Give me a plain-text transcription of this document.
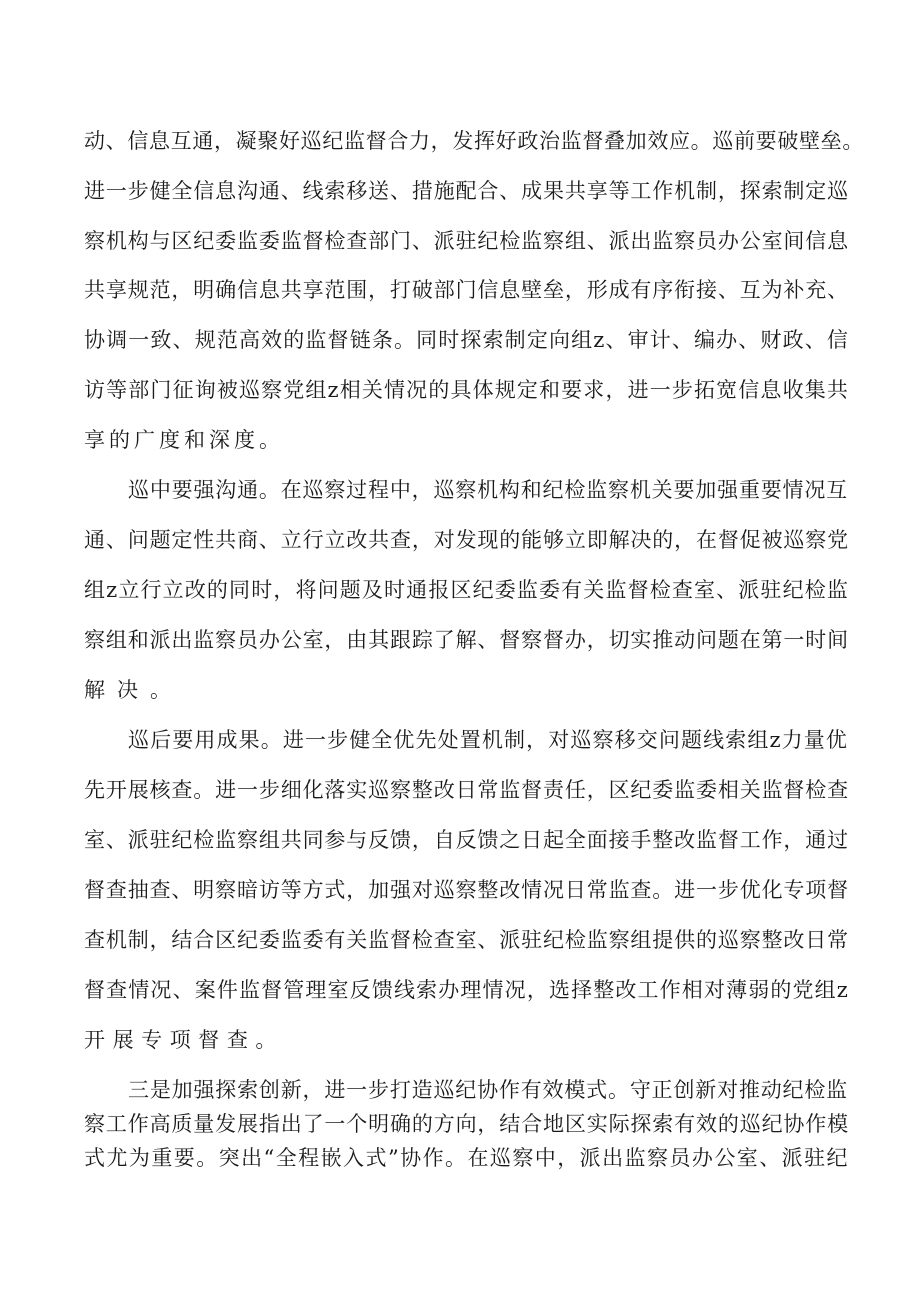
动、信息互通，凝聚好巡纪监督合力，发挥好政治监督叠加效应。巡前要破壁垒。
进一步健全信息沟通、线索移送、措施配合、成果共享等工作机制，探索制定巡
察机构与区纪委监委监督检查部门、派驻纪检监察组、派出监察员办公室间信息
共享规范，明确信息共享范围，打破部门信息壁垒，形成有序衔接、互为补充、
协调一致、规范高效的监督链条。同时探索制定向组z、审计、编办、财政、信
访等部门征询被巡察党组z相关情况的具体规定和要求，进一步拓宽信息收集共
享的广度和深度。
巡中要强沟通。在巡察过程中，巡察机构和纪检监察机关要加强重要情况互
通、问题定性共商、立行立改共查，对发现的能够立即解决的，在督促被巡察党
组z立行立改的同时，将问题及时通报区纪委监委有关监督检查室、派驻纪检监
察组和派出监察员办公室，由其跟踪了解、督察督办，切实推动问题在第一时间
解决。
巡后要用成果。进一步健全优先处置机制，对巡察移交问题线索组z力量优
先开展核查。进一步细化落实巡察整改日常监督责任，区纪委监委相关监督检查
室、派驻纪检监察组共同参与反馈，自反馈之日起全面接手整改监督工作，通过
督查抽查、明察暗访等方式，加强对巡察整改情况日常监查。进一步优化专项督
查机制，结合区纪委监委有关监督检查室、派驻纪检监察组提供的巡察整改日常
督查情况、案件监督管理室反馈线索办理情况，选择整改工作相对薄弱的党组z
开展专项督查。
三是加强探索创新，进一步打造巡纪协作有效模式。守正创新对推动纪检监
察工作高质量发展指出了一个明确的方向，结合地区实际探索有效的巡纪协作模
式尤为重要。突出“全程嵌入式”协作。在巡察中，派出监察员办公室、派驻纪
